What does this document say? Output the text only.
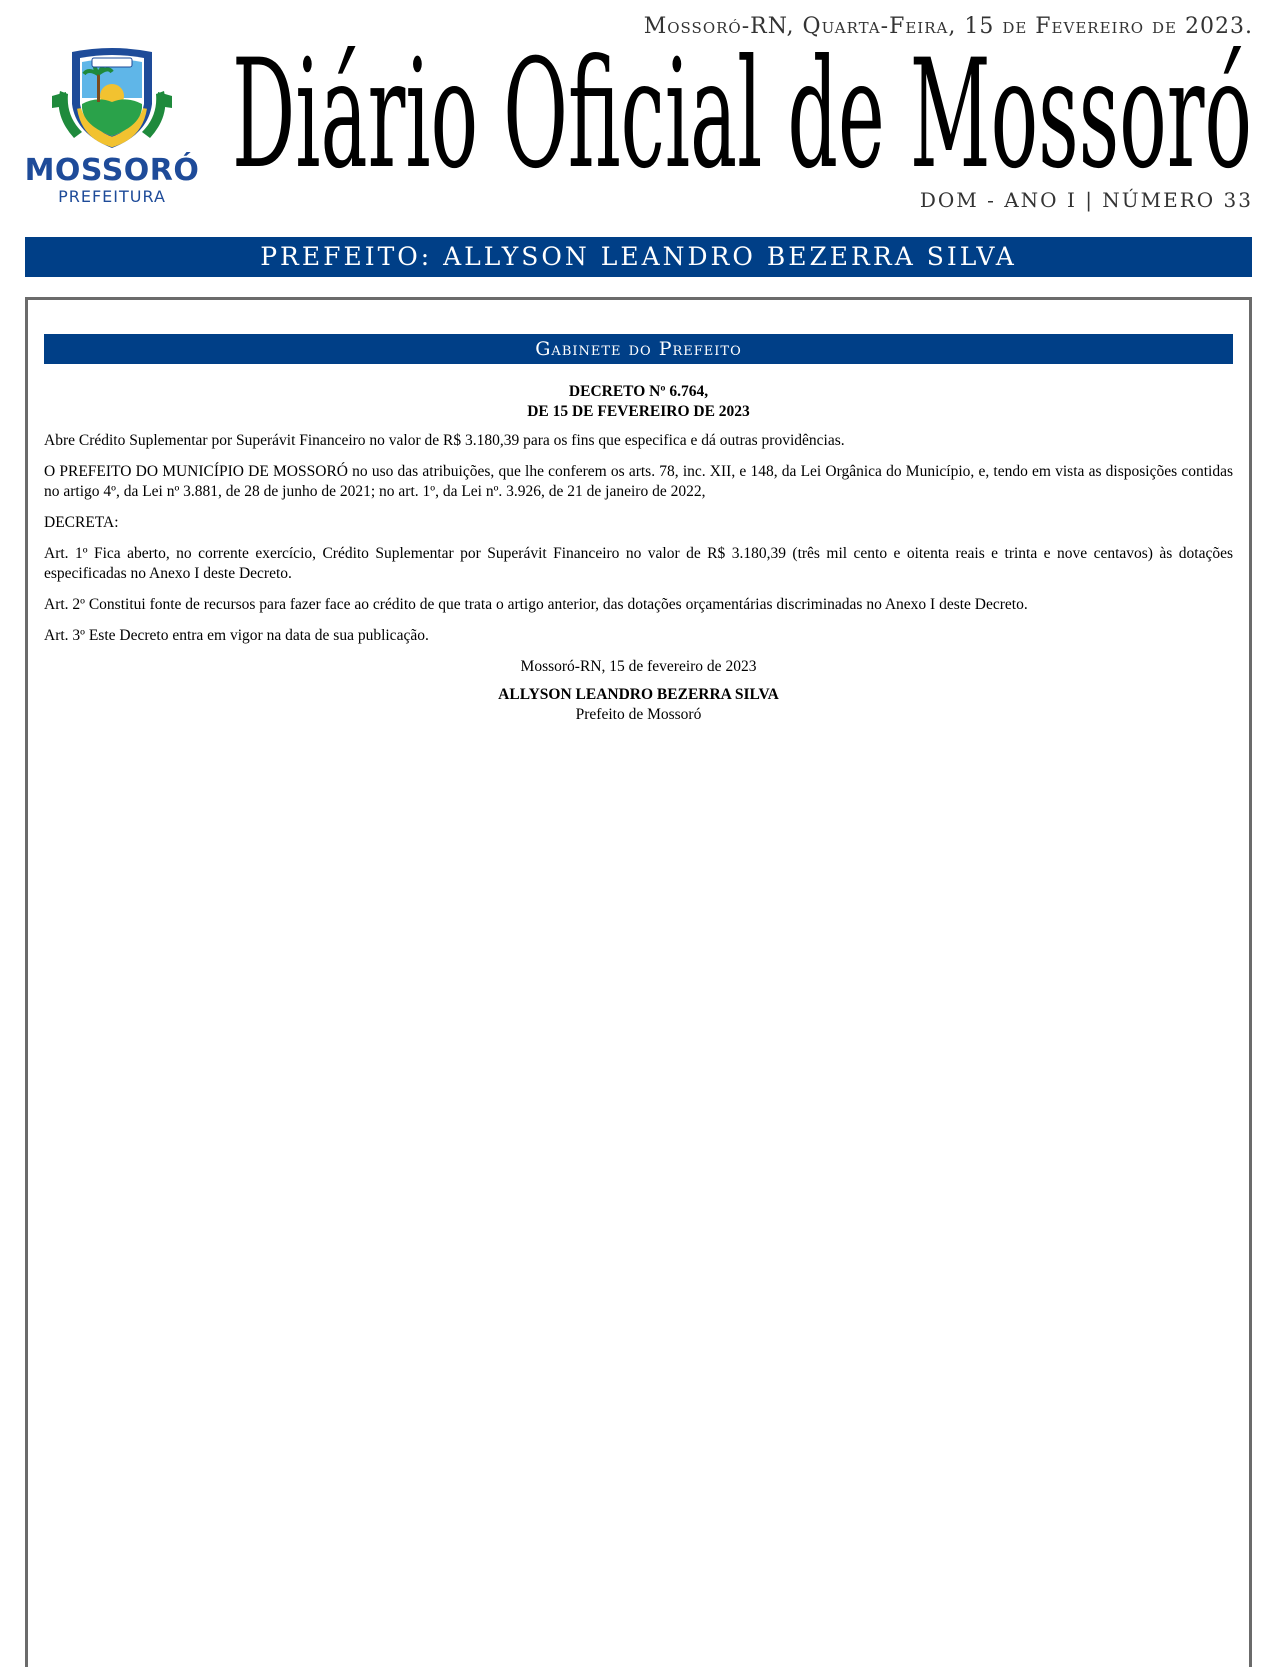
Mossoró-RN, Quarta-Feira, 15 de Fevereiro de 2023.
MOSSORÓ
PREFEITURA Diário Oficial de Mossoró
DOM - ANO I | NÚMERO 33
PREFEITO: ALLYSON LEANDRO BEZERRA SILVA
Gabinete do Prefeito
DECRETO Nº 6.764,
DE 15 DE FEVEREIRO DE 2023

Abre Crédito Suplementar por Superávit Financeiro no valor de R$ 3.180,39 para os fins que especifica e dá outras providências.

O PREFEITO DO MUNICÍPIO DE MOSSORÓ no uso das atribuições, que lhe conferem os arts. 78, inc. XII, e 148, da Lei Orgânica do Município, e, tendo em vista as disposições contidas no artigo 4º, da Lei nº 3.881, de 28 de junho de 2021; no art. 1º, da Lei nº. 3.926, de 21 de janeiro de 2022,

DECRETA:

Art. 1º Fica aberto, no corrente exercício, Crédito Suplementar por Superávit Financeiro no valor de R$ 3.180,39 (três mil cento e oitenta reais e trinta e nove centavos) às dotações especificadas no Anexo I deste Decreto.

Art. 2º Constitui fonte de recursos para fazer face ao crédito de que trata o artigo anterior, das dotações orçamentárias discriminadas no Anexo I deste Decreto.

Art. 3º Este Decreto entra em vigor na data de sua publicação.

Mossoró-RN, 15 de fevereiro de 2023
ALLYSON LEANDRO BEZERRA SILVA
Prefeito de Mossoró
